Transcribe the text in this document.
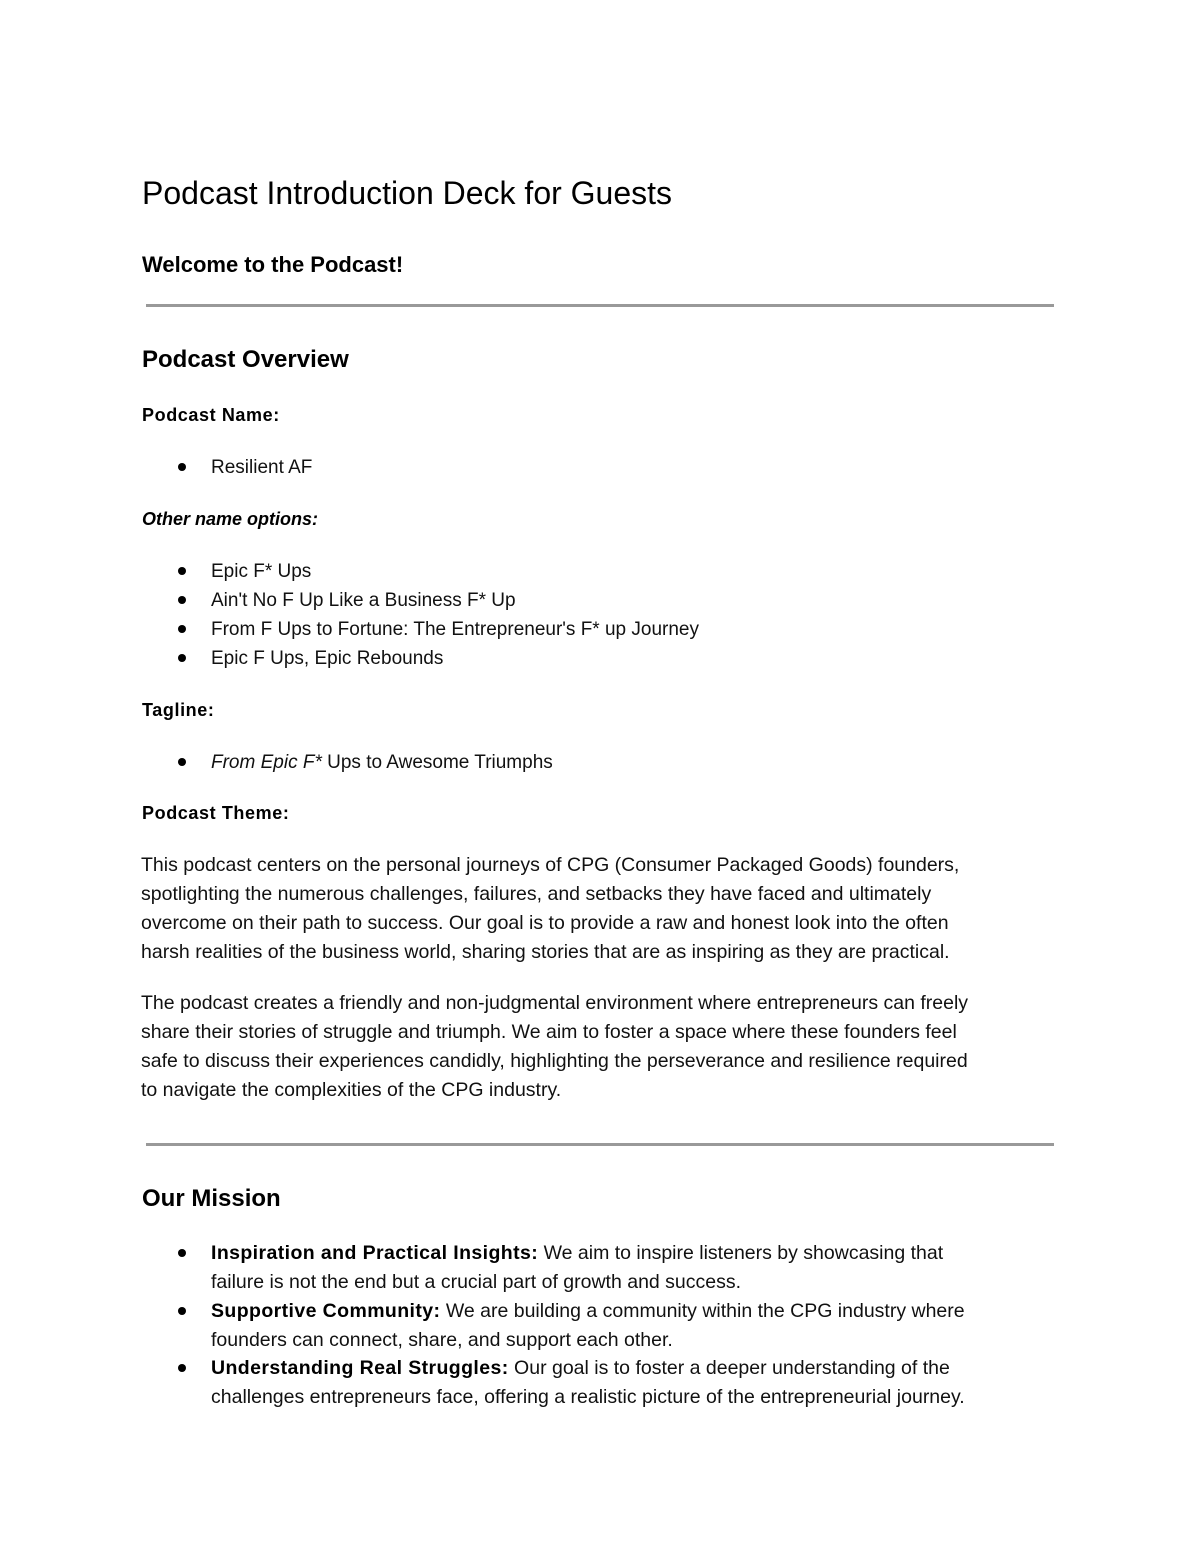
Podcast Introduction Deck for Guests
Welcome to the Podcast!
Podcast Overview
Podcast Name:
Resilient AF
Other name options:
Epic F* Ups
Ain't No F Up Like a Business F* Up
From F Ups to Fortune: The Entrepreneur's F* up Journey
Epic F Ups, Epic Rebounds
Tagline:
From Epic F* Ups to Awesome Triumphs
Podcast Theme:
This podcast centers on the personal journeys of CPG (Consumer Packaged Goods) founders,
spotlighting the numerous challenges, failures, and setbacks they have faced and ultimately
overcome on their path to success. Our goal is to provide a raw and honest look into the often
harsh realities of the business world, sharing stories that are as inspiring as they are practical.
The podcast creates a friendly and non-judgmental environment where entrepreneurs can freely
share their stories of struggle and triumph. We aim to foster a space where these founders feel
safe to discuss their experiences candidly, highlighting the perseverance and resilience required
to navigate the complexities of the CPG industry.
Our Mission
Inspiration and Practical Insights: We aim to inspire listeners by showcasing that
failure is not the end but a crucial part of growth and success.
Supportive Community: We are building a community within the CPG industry where
founders can connect, share, and support each other.
Understanding Real Struggles: Our goal is to foster a deeper understanding of the
challenges entrepreneurs face, offering a realistic picture of the entrepreneurial journey.
